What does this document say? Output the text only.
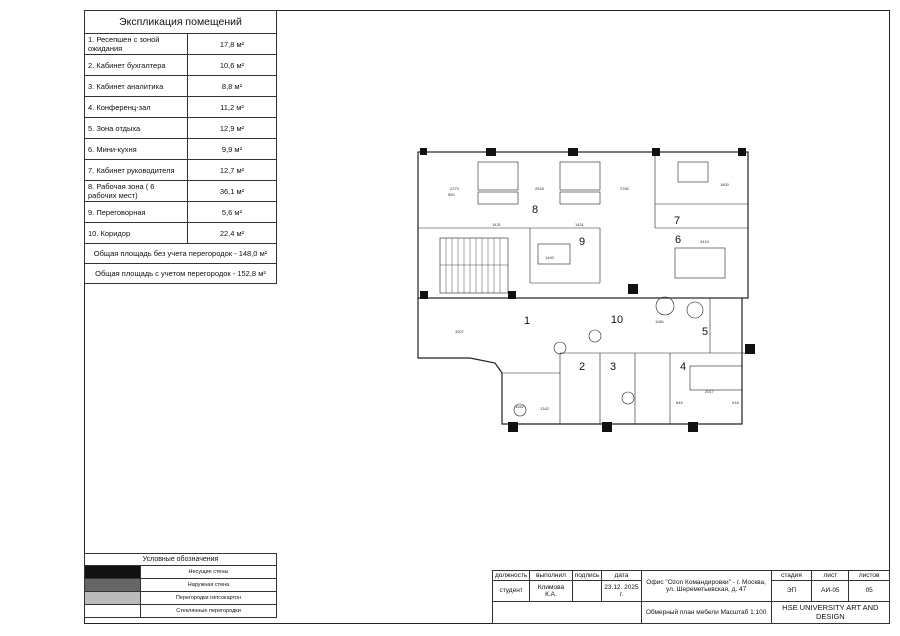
Экспликация помещений	
1. Ресепшен с зоной ожидания	17,8 м²
2. Кабинет бухгалтера	10,6 м²
3. Кабинет аналитика	8,8 м²
4. Конференц-зал	11,2 м²
5. Зона отдыха	12,9 м²
6. Мини-кухня	9,9 м²
7. Кабинет руководителя	12,7 м²
8. Рабочая зона ( 6 рабочих мест)	36,1 м²
9. Переговорная	5,6 м²
10. Коридор	22,4 м²
Общая площадь без учета перегородок - 148,0 м²	
Общая площадь с учетом перегородок - 152,8 м²	
Условные обозначения	
	Несущие стены
	Наружная стена
	Перегородки гипсокартон
	Стеклянные перегородки
8
7
6
9
1	10
5
2 3	4
2270
550
2518	2780
1431	1431
3410
3207
1440
1582	1342
2017
1800
1186
845	918
должность	выполнил	подпись	дата	Офис "Ozon Командировки" - г. Москва, ул. Шереметьевская, д. 47	стадия	лист	листов
студент	Климова К.А.		23.12. 2025 г.		ЭП	АИ-05	05
				Обмерный план мебели Масштаб 1:100	HSE UNIVERSITY ART AND DESIGN		
